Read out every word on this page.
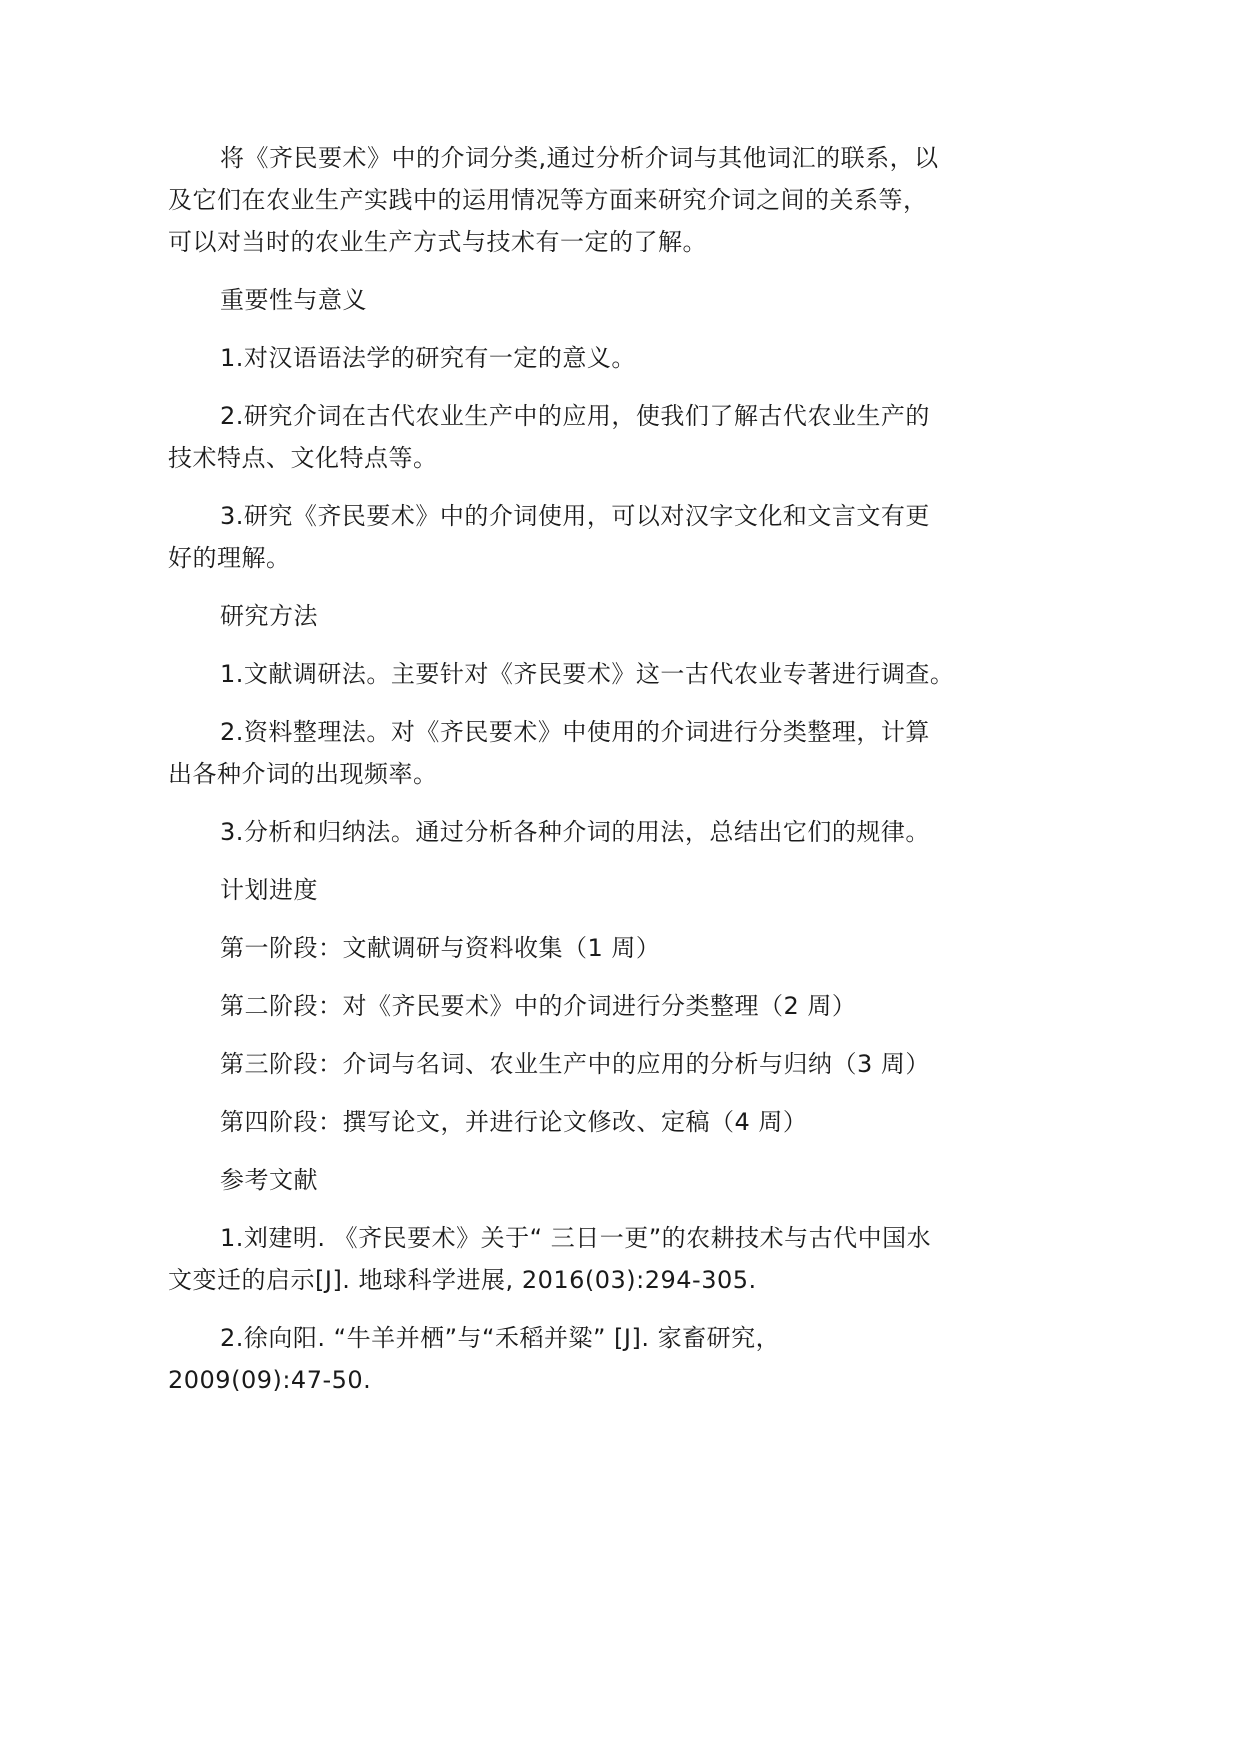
将《齐民要术》中的介词分类,通过分析介词与其他词汇的联系，以
及它们在农业生产实践中的运用情况等方面来研究介词之间的关系等，
可以对当时的农业生产方式与技术有一定的了解。
重要性与意义
1.对汉语语法学的研究有一定的意义。
2.研究介词在古代农业生产中的应用，使我们了解古代农业生产的
技术特点、文化特点等。
3.研究《齐民要术》中的介词使用，可以对汉字文化和文言文有更
好的理解。
研究方法
1.文献调研法。主要针对《齐民要术》这一古代农业专著进行调查。
2.资料整理法。对《齐民要术》中使用的介词进行分类整理，计算
出各种介词的出现频率。
3.分析和归纳法。通过分析各种介词的用法，总结出它们的规律。
计划进度
第一阶段：文献调研与资料收集（1 周）
第二阶段：对《齐民要术》中的介词进行分类整理（2 周）
第三阶段：介词与名词、农业生产中的应用的分析与归纳（3 周）
第四阶段：撰写论文，并进行论文修改、定稿（4 周）
参考文献
1.刘建明. 《齐民要术》关于“ 三日一更”的农耕技术与古代中国水
文变迁的启示[J]. 地球科学进展, 2016(03):294-305.
2.徐向阳. “牛羊并栖”与“禾稻并粱” [J]. 家畜研究，
2009(09):47-50.
